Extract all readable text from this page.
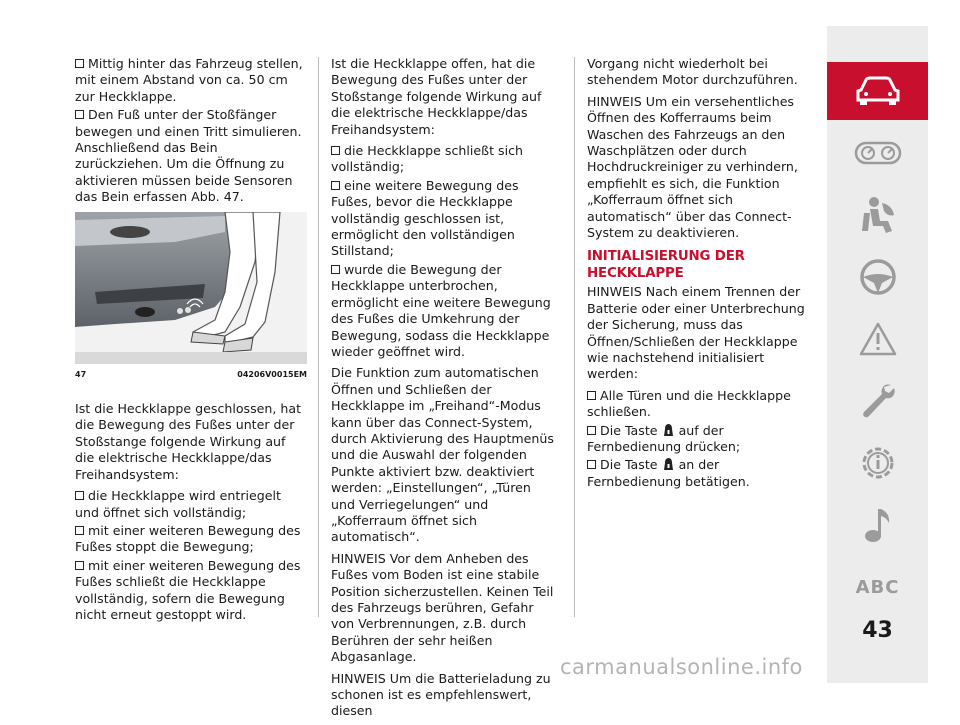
Mittig hinter das Fahrzeug stellen, mit einem Abstand von ca. 50 cm zur Heckklappe.

Den Fuß unter der Stoßfänger bewegen und einen Tritt simulieren. Anschließend das Bein zurückziehen. Um die Öffnung zu aktivieren müssen beide Sensoren das Bein erfassen Abb. 47.

47	04206V0015EM

Ist die Heckklappe geschlossen, hat die Bewegung des Fußes unter der Stoßstange folgende Wirkung auf die elektrische Heckklappe/das Freihandsystem:

die Heckklappe wird entriegelt und öffnet sich vollständig;

mit einer weiteren Bewegung des Fußes stoppt die Bewegung;

mit einer weiteren Bewegung des Fußes schließt die Heckklappe vollständig, sofern die Bewegung nicht erneut gestoppt wird.

Ist die Heckklappe offen, hat die Bewegung des Fußes unter der Stoßstange folgende Wirkung auf die elektrische Heckklappe/das Freihandsystem:

die Heckklappe schließt sich vollständig;

eine weitere Bewegung des Fußes, bevor die Heckklappe vollständig geschlossen ist, ermöglicht den vollständigen Stillstand;

wurde die Bewegung der Heckklappe unterbrochen, ermöglicht eine weitere Bewegung des Fußes die Umkehrung der Bewegung, sodass die Heckklappe wieder geöffnet wird.

Die Funktion zum automatischen Öffnen und Schließen der Heckklappe im „Freihand“-Modus kann über das Connect-System, durch Aktivierung des Hauptmenüs und die Auswahl der folgenden Punkte aktiviert bzw. deaktiviert werden: „Einstellungen“, „Türen und Verriegelungen“ und „Kofferraum öffnet sich automatisch“.

HINWEIS Vor dem Anheben des Fußes vom Boden ist eine stabile Position sicherzustellen. Keinen Teil des Fahrzeugs berühren, Gefahr von Verbrennungen, z.B. durch Berühren der sehr heißen Abgasanlage.

HINWEIS Um die Batterieladung zu schonen ist es empfehlenswert, diesen

Vorgang nicht wiederholt bei stehendem Motor durchzuführen.

HINWEIS Um ein versehentliches Öffnen des Kofferraums beim Waschen des Fahrzeugs an den Waschplätzen oder durch Hochdruckreiniger zu verhindern, empfiehlt es sich, die Funktion „Kofferraum öffnet sich automatisch“ über das Connect-System zu deaktivieren.

INITIALISIERUNG DER HECKKLAPPE

HINWEIS Nach einem Trennen der Batterie oder einer Unterbrechung der Sicherung, muss das Öffnen/Schließen der Heckklappe wie nachstehend initialisiert werden:

Alle Türen und die Heckklappe schließen.

Die Taste auf der Fernbedienung drücken;

Die Taste an der Fernbedienung betätigen.

ABC
43
carmanualsonline.info
